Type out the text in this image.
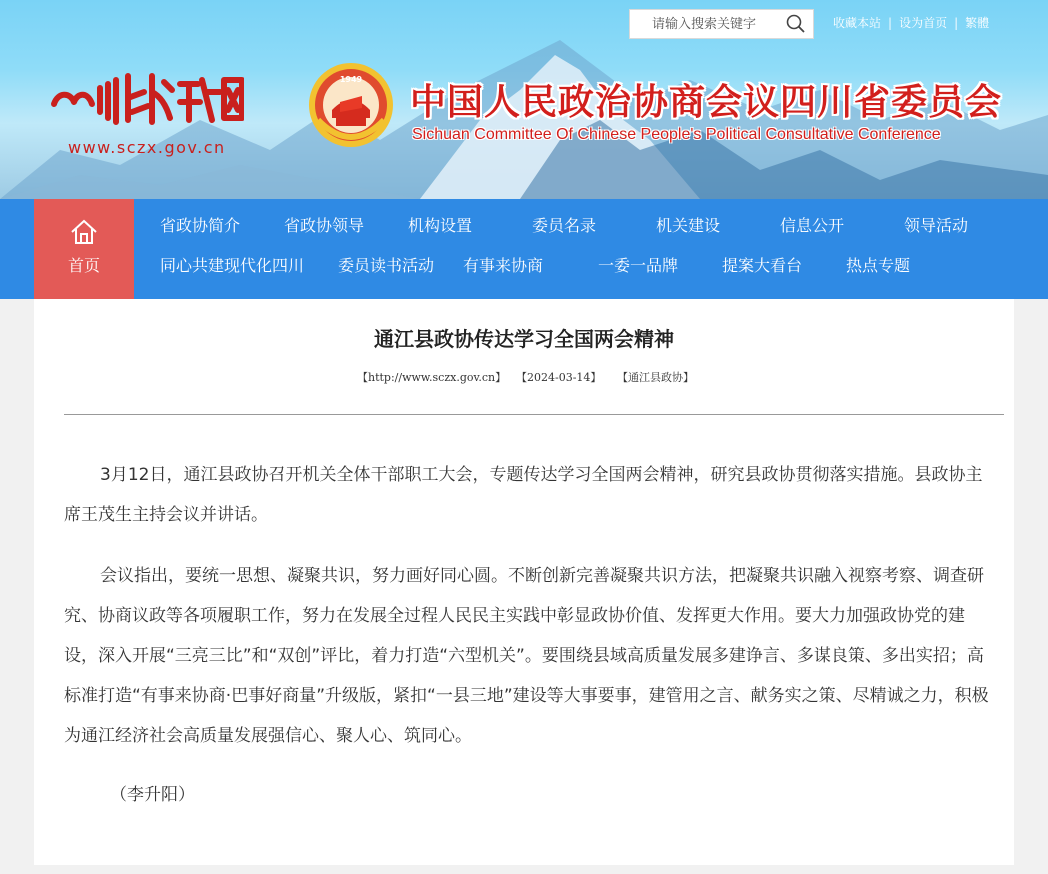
请输入搜索关键字
收藏本站 | 设为首页 | 繁體
www.sczx.gov.cn
1949
中国人民政治协商会议四川省委员会
Sichuan Committee Of Chinese People's Political Consultative Conference
首页
省政协简介	省政协领导	机构设置	委员名录	机关建设	信息公开	领导活动
同心共建现代化四川 委员读书活动 有事来协商	一委一品牌	提案大看台	热点专题
通江县政协传达学习全国两会精神
【http://www.sczx.gov.cn】 【2024-03-14】 【通江县政协】

3月12日，通江县政协召开机关全体干部职工大会，专题传达学习全国两会精神，研究县政协贯彻落实措施。县政协主席王茂生主持会议并讲话。

会议指出，要统一思想、凝聚共识，努力画好同心圆。不断创新完善凝聚共识方法，把凝聚共识融入视察考察、调查研究、协商议政等各项履职工作，努力在发展全过程人民民主实践中彰显政协价值、发挥更大作用。要大力加强政协党的建设，深入开展“三亮三比”和“双创”评比，着力打造“六型机关”。要围绕县域高质量发展多建诤言、多谋良策、多出实招；高标准打造“有事来协商·巴事好商量”升级版，紧扣“一县三地”建设等大事要事，建管用之言、献务实之策、尽精诚之力，积极为通江经济社会高质量发展强信心、聚人心、筑同心。

（李升阳）
